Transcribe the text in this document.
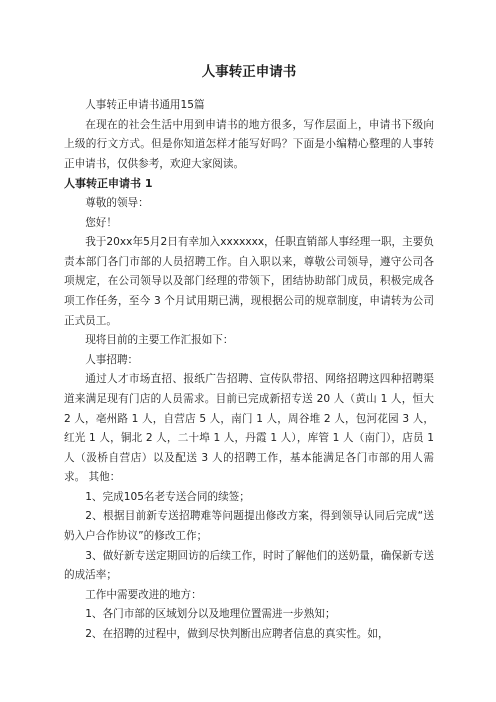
人事转正申请书

人事转正申请书通用15篇

在现在的社会生活中用到申请书的地方很多，写作层面上，申请书下级向上级的行文方式。但是你知道怎样才能写好吗？下面是小编精心整理的人事转正申请书，仅供参考，欢迎大家阅读。

人事转正申请书 1

尊敬的领导：

您好！

我于20xx年5月2日有幸加入xxxxxxx，任职直销部人事经理一职，主要负责本部门各门市部的人员招聘工作。自入职以来，尊敬公司领导，遵守公司各项规定，在公司领导以及部门经理的带领下，团结协助部门成员，积极完成各项工作任务，至今 3 个月试用期已满，现根据公司的规章制度，申请转为公司正式员工。

现将目前的主要工作汇报如下：

人事招聘：

通过人才市场直招、报纸广告招聘、宣传队带招、网络招聘这四种招聘渠道来满足现有门店的人员需求。目前已完成新招专送 20 人（黄山 1 人，恒大 2 人，亳州路 1 人，自营店 5 人，南门 1 人，周谷堆 2 人，包河花园 3 人，红光 1 人，铜北 2 人，二十埠 1 人，丹霞 1 人），库管 1 人（南门），店员 1 人（汲桥自营店）以及配送 3 人的招聘工作，基本能满足各门市部的用人需求。 其他：

1、完成105名老专送合同的续签；

2、根据目前新专送招聘难等问题提出修改方案，得到领导认同后完成“送奶入户合作协议”的修改工作；

3、做好新专送定期回访的后续工作，时时了解他们的送奶量，确保新专送的成活率；

工作中需要改进的地方：

1、各门市部的区域划分以及地理位置需进一步熟知；

2、在招聘的过程中，做到尽快判断出应聘者信息的真实性。如，
